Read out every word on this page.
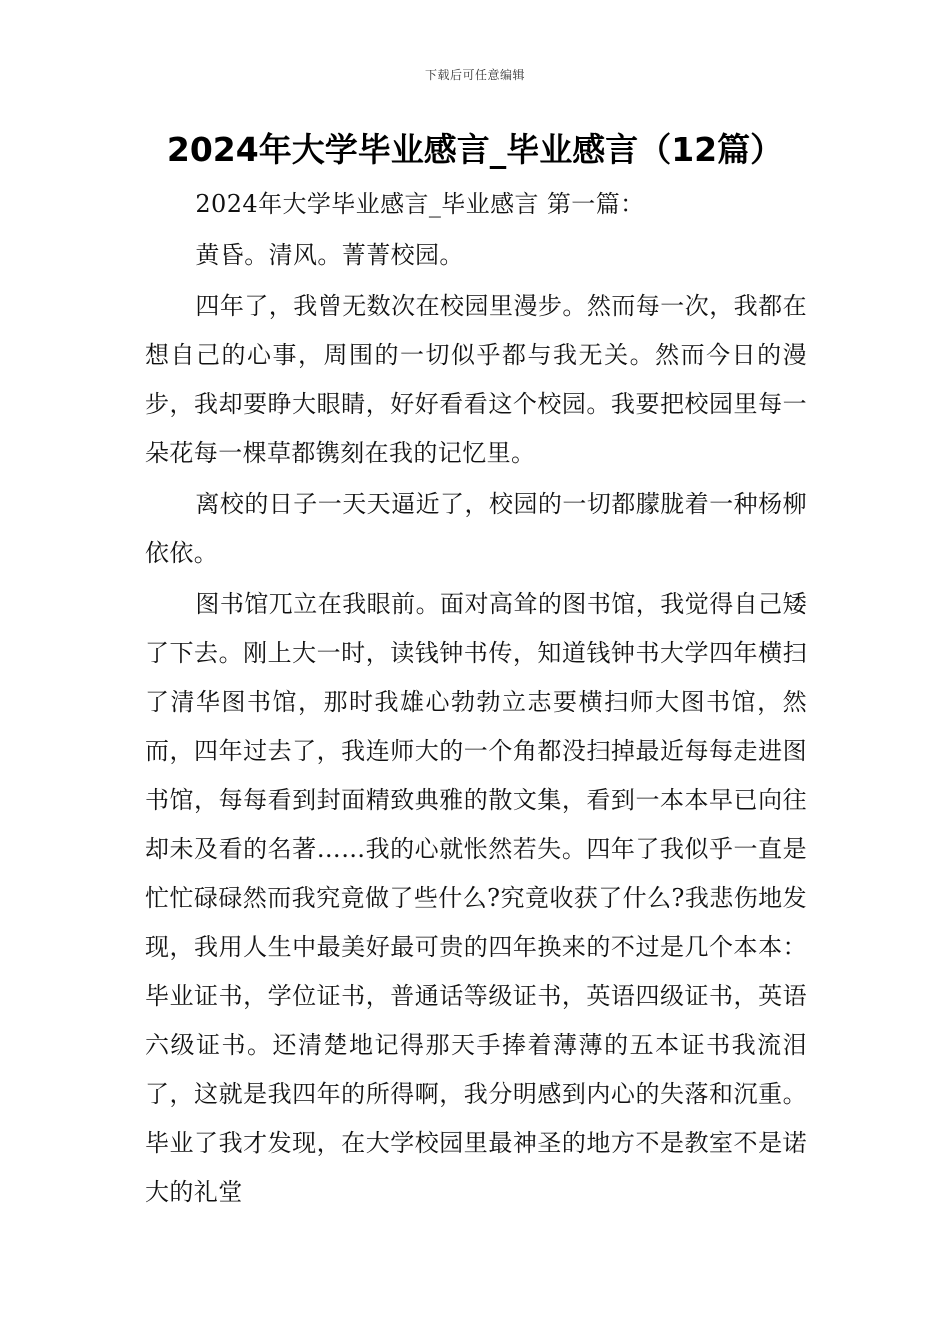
下载后可任意编辑
2024年大学毕业感言_毕业感言（12篇）

2024年大学毕业感言_毕业感言 第一篇：

黄昏。清风。菁菁校园。

四年了，我曾无数次在校园里漫步。然而每一次，我都在想自己的心事，周围的一切似乎都与我无关。然而今日的漫步，我却要睁大眼睛，好好看看这个校园。我要把校园里每一朵花每一棵草都镌刻在我的记忆里。

离校的日子一天天逼近了，校园的一切都朦胧着一种杨柳依依。

图书馆兀立在我眼前。面对高耸的图书馆，我觉得自己矮了下去。刚上大一时，读钱钟书传，知道钱钟书大学四年横扫了清华图书馆，那时我雄心勃勃立志要横扫师大图书馆，然而，四年过去了，我连师大的一个角都没扫掉最近每每走进图书馆，每每看到封面精致典雅的散文集，看到一本本早已向往却未及看的名著……我的心就怅然若失。四年了我似乎一直是忙忙碌碌然而我究竟做了些什么?究竟收获了什么?我悲伤地发现，我用人生中最美好最可贵的四年换来的不过是几个本本：毕业证书，学位证书，普通话等级证书，英语四级证书，英语六级证书。还清楚地记得那天手捧着薄薄的五本证书我流泪了，这就是我四年的所得啊，我分明感到内心的失落和沉重。毕业了我才发现，在大学校园里最神圣的地方不是教室不是诺大的礼堂
